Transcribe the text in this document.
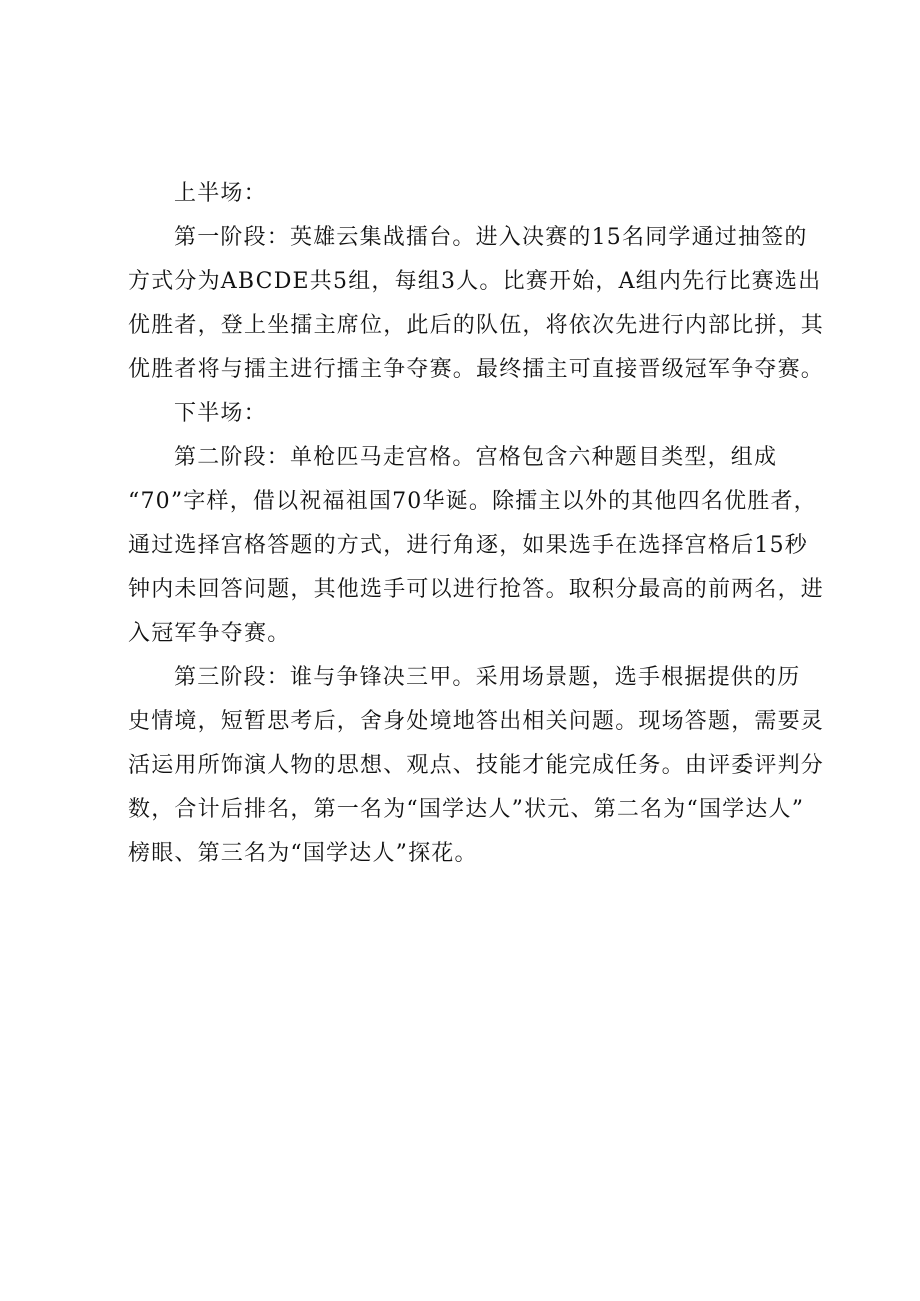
上半场：
第一阶段：英雄云集战擂台。进入决赛的15名同学通过抽签的
方式分为ABCDE共5组，每组3人。比赛开始，A组内先行比赛选出
优胜者，登上坐擂主席位，此后的队伍，将依次先进行内部比拼，其
优胜者将与擂主进行擂主争夺赛。最终擂主可直接晋级冠军争夺赛。
下半场：
第二阶段：单枪匹马走宫格。宫格包含六种题目类型，组成
“70”字样，借以祝福祖国70华诞。除擂主以外的其他四名优胜者，
通过选择宫格答题的方式，进行角逐，如果选手在选择宫格后15秒
钟内未回答问题，其他选手可以进行抢答。取积分最高的前两名，进
入冠军争夺赛。
第三阶段：谁与争锋决三甲。采用场景题，选手根据提供的历
史情境，短暂思考后，舍身处境地答出相关问题。现场答题，需要灵
活运用所饰演人物的思想、观点、技能才能完成任务。由评委评判分
数，合计后排名，第一名为“国学达人”状元、第二名为“国学达人”
榜眼、第三名为“国学达人”探花。
